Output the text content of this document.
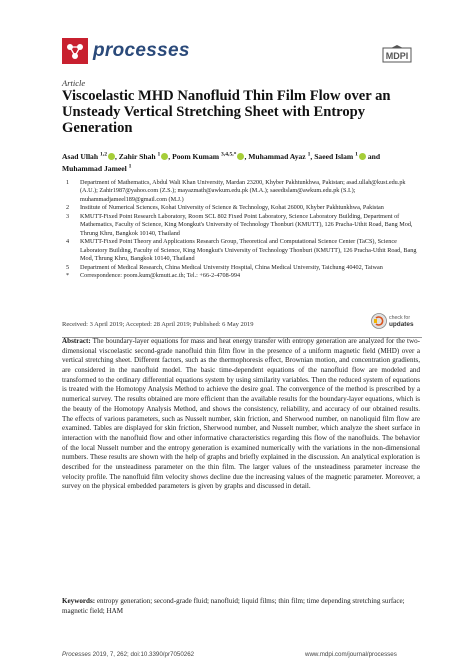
processes	MDPI
Article
Viscoelastic MHD Nanofluid Thin Film Flow over an Unsteady Vertical Stretching Sheet with Entropy Generation
Asad Ullah $^{1,2}$ , Zahir Shah $^1$ , Poom Kumam $^{3,4,5,*}$ , Muhammad Ayaz $^1$, Saeed Islam $^1$ and Muhammad Jameel $^1$
1	Department of Mathematics, Abdul Wali Khan University, Mardan 23200, Khyber Pakhtunkhwa, Pakistan; asad.ullah@kust.edu.pk (A.U.); Zahir1987@yahoo.com (Z.S.); mayazmath@awkum.edu.pk (M.A.); saeedislam@awkum.edu.pk (S.I.); muhammadjameel189@gmail.com (M.J.)
2	Institute of Numerical Sciences, Kohat University of Science & Technology, Kohat 26000, Khyber Pakhtunkhwa, Pakistan
3	KMUTT-Fixed Point Research Laboratory, Room SCL 802 Fixed Point Laboratory, Science Laboratory Building, Department of Mathematics, Faculty of Science, King Mongkut's University of Technology Thonburi (KMUTT), 126 Pracha-Uthit Road, Bang Mod, Thrung Khru, Bangkok 10140, Thailand
4	KMUTT-Fixed Point Theory and Applications Research Group, Theoretical and Computational Science Center (TaCS), Science Laboratory Building, Faculty of Science, King Mongkut's University of Technology Thonburi (KMUTT), 126 Pracha-Uthit Road, Bang Mod, Thrung Khru, Bangkok 10140, Thailand
5	Department of Medical Research, China Medical University Hospital, China Medical University, Taichung 40402, Taiwan
*	Correspondence: poom.kum@kmutt.ac.th; Tel.: +66-2-4708-994
Received: 3 April 2019; Accepted: 28 April 2019; Published: 6 May 2019
check for
updates
Abstract: The boundary-layer equations for mass and heat energy transfer with entropy generation are analyzed for the two-dimensional viscoelastic second-grade nanofluid thin film flow in the presence of a uniform magnetic field (MHD) over a vertical stretching sheet. Different factors, such as the thermophoresis effect, Brownian motion, and concentration gradients, are considered in the nanofluid model. The basic time-dependent equations of the nanofluid flow are modeled and transformed to the ordinary differential equations system by using similarity variables. Then the reduced system of equations is treated with the Homotopy Analysis Method to achieve the desire goal. The convergence of the method is prescribed by a numerical survey. The results obtained are more efficient than the available results for the boundary-layer equations, which is the beauty of the Homotopy Analysis Method, and shows the consistency, reliability, and accuracy of our obtained results. The effects of various parameters, such as Nusselt number, skin friction, and Sherwood number, on nanoliquid film flow are examined. Tables are displayed for skin friction, Sherwood number, and Nusselt number, which analyze the sheet surface in interaction with the nanofluid flow and other informative characteristics regarding this flow of the nanofluids. The behavior of the local Nusselt number and the entropy generation is examined numerically with the variations in the non-dimensional numbers. These results are shown with the help of graphs and briefly explained in the discussion. An analytical exploration is described for the unsteadiness parameter on the thin film. The larger values of the unsteadiness parameter increase the velocity profile. The nanofluid film velocity shows decline due the increasing values of the magnetic parameter. Moreover, a survey on the physical embedded parameters is given by graphs and discussed in detail.
Keywords: entropy generation; second-grade fluid; nanofluid; liquid films; thin film; time depending stretching surface; magnetic field; HAM
Processes 2019, 7, 262; doi:10.3390/pr7050262	www.mdpi.com/journal/processes
